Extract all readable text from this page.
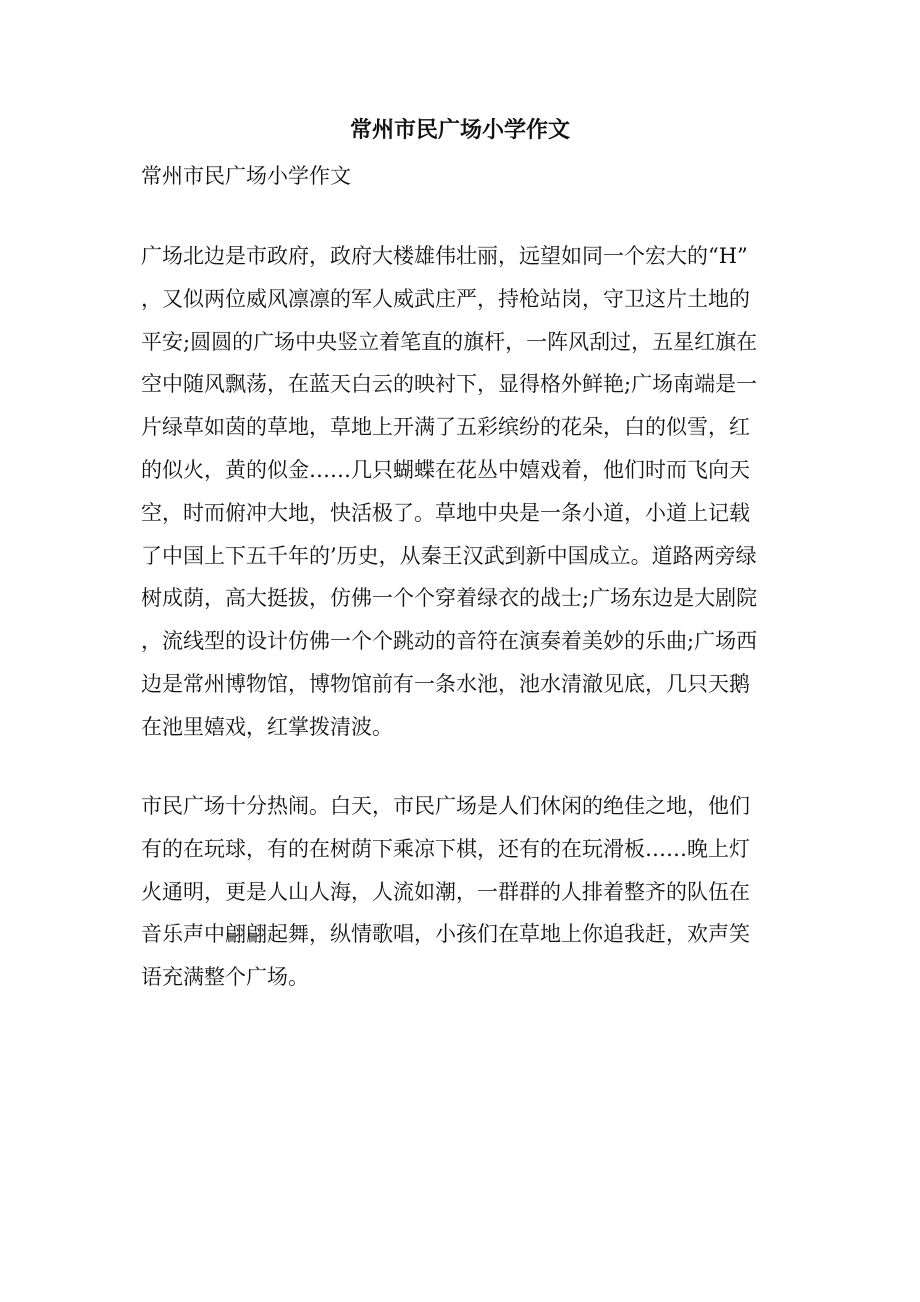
常州市民广场小学作文
常州市民广场小学作文
广场北边是市政府，政府大楼雄伟壮丽，远望如同一个宏大的“H”
，又似两位威风凛凛的军人威武庄严，持枪站岗，守卫这片土地的
平安;圆圆的广场中央竖立着笔直的旗杆，一阵风刮过，五星红旗在
空中随风飘荡，在蓝天白云的映衬下，显得格外鲜艳;广场南端是一
片绿草如茵的草地，草地上开满了五彩缤纷的花朵，白的似雪，红
的似火，黄的似金……几只蝴蝶在花丛中嬉戏着，他们时而飞向天
空，时而俯冲大地，快活极了。草地中央是一条小道，小道上记载
了中国上下五千年的’历史，从秦王汉武到新中国成立。道路两旁绿
树成荫，高大挺拔，仿佛一个个穿着绿衣的战士;广场东边是大剧院
，流线型的设计仿佛一个个跳动的音符在演奏着美妙的乐曲;广场西
边是常州博物馆，博物馆前有一条水池，池水清澈见底，几只天鹅
在池里嬉戏，红掌拨清波。
市民广场十分热闹。白天，市民广场是人们休闲的绝佳之地，他们
有的在玩球，有的在树荫下乘凉下棋，还有的在玩滑板……晚上灯
火通明，更是人山人海，人流如潮，一群群的人排着整齐的队伍在
音乐声中翩翩起舞，纵情歌唱，小孩们在草地上你追我赶，欢声笑
语充满整个广场。
